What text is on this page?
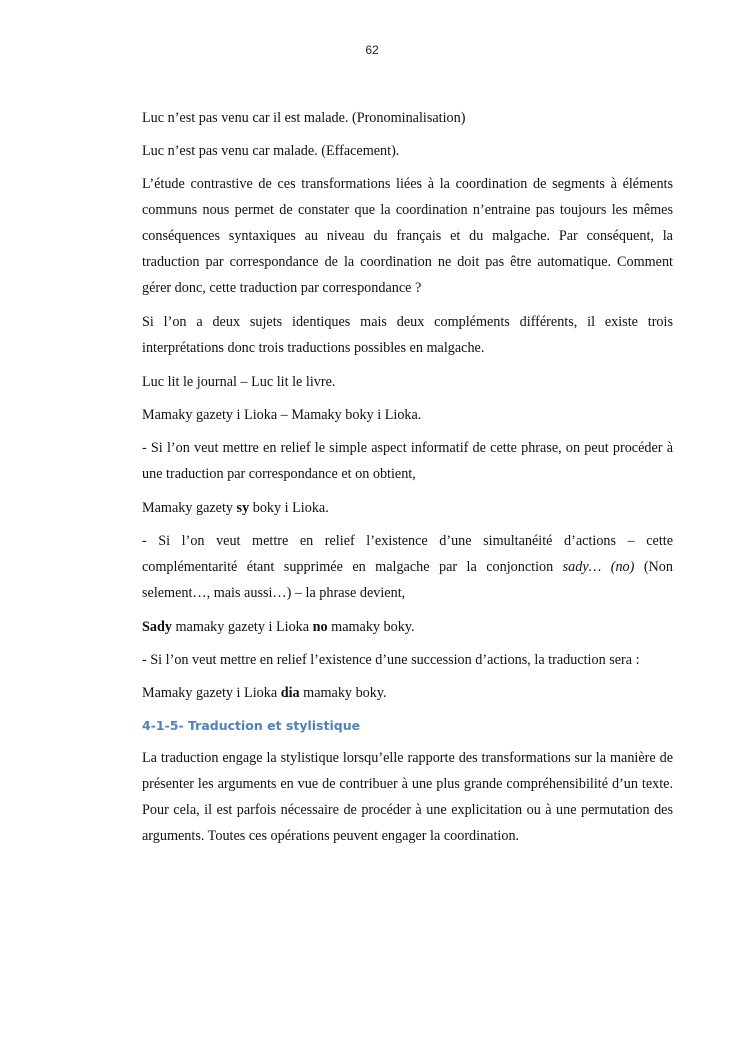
62

Luc n’est pas venu car il est malade. (Pronominalisation)

Luc n’est pas venu car malade. (Effacement).

L’étude contrastive de ces transformations liées à la coordination de segments à éléments communs nous permet de constater que la coordination n’entraine pas toujours les mêmes conséquences syntaxiques au niveau du français et du malgache. Par conséquent, la traduction par correspondance de la coordination ne doit pas être automatique. Comment gérer donc, cette traduction par correspondance ?

Si l’on a deux sujets identiques mais deux compléments différents, il existe trois interprétations donc trois traductions possibles en malgache.

Luc lit le journal – Luc lit le livre.

Mamaky gazety i Lioka – Mamaky boky i Lioka.

- Si l’on veut mettre en relief le simple aspect informatif de cette phrase, on peut procéder à une traduction par correspondance et on obtient,

Mamaky gazety sy boky i Lioka.

- Si l’on veut mettre en relief l’existence d’une simultanéité d’actions – cette complémentarité étant supprimée en malgache par la conjonction sady… (no) (Non selement…, mais aussi…) – la phrase devient,

Sady mamaky gazety i Lioka no mamaky boky.

- Si l’on veut mettre en relief l’existence d’une succession d’actions, la traduction sera :

Mamaky gazety i Lioka dia mamaky boky.

4-1-5- Traduction et stylistique

La traduction engage la stylistique lorsqu’elle rapporte des transformations sur la manière de présenter les arguments en vue de contribuer à une plus grande compréhensibilité d’un texte. Pour cela, il est parfois nécessaire de procéder à une explicitation ou à une permutation des arguments. Toutes ces opérations peuvent engager la coordination.
